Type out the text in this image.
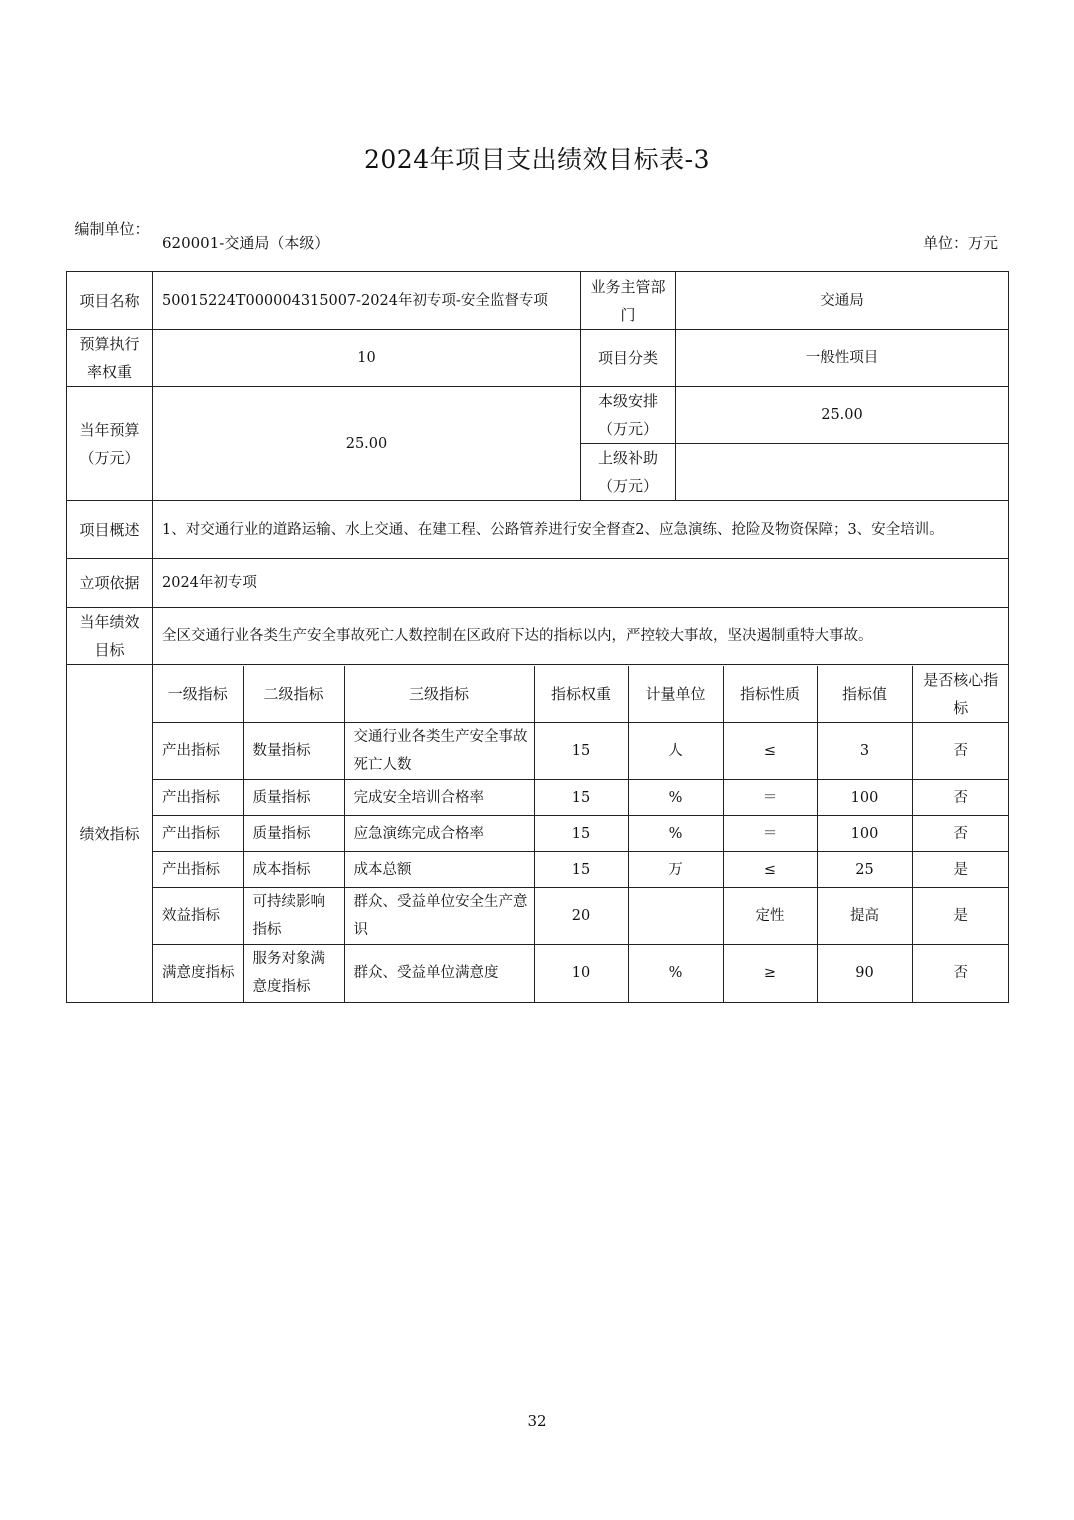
2024年项目支出绩效目标表-3
编制单位：
620001-交通局（本级）	单位：万元
项目名称	50015224T000004315007-2024年初专项-安全监督专项	业务主管部门	交通局
预算执行率权重	10	项目分类	一般性项目
当年预算（万元）	25.00	本级安排（万元）	25.00
上级补助（万元）	
项目概述	1、对交通行业的道路运输、水上交通、在建工程、公路管养进行安全督查2、应急演练、抢险及物资保障；3、安全培训。
立项依据	2024年初专项
当年绩效目标	全区交通行业各类生产安全事故死亡人数控制在区政府下达的指标以内，严控较大事故，坚决遏制重特大事故。
绩效指标	
一级指标	二级指标	三级指标	指标权重	计量单位	指标性质	指标值	是否核心指标
产出指标	数量指标	交通行业各类生产安全事故死亡人数	15	人	≤	3	否
产出指标	质量指标	完成安全培训合格率	15	%	＝	100	否
产出指标	质量指标	应急演练完成合格率	15	%	＝	100	否
产出指标	成本指标	成本总额	15	万	≤	25	是
效益指标	可持续影响指标	群众、受益单位安全生产意识	20		定性	提高	是
满意度指标	服务对象满意度指标	群众、受益单位满意度	10	%	≥	90	否
32
